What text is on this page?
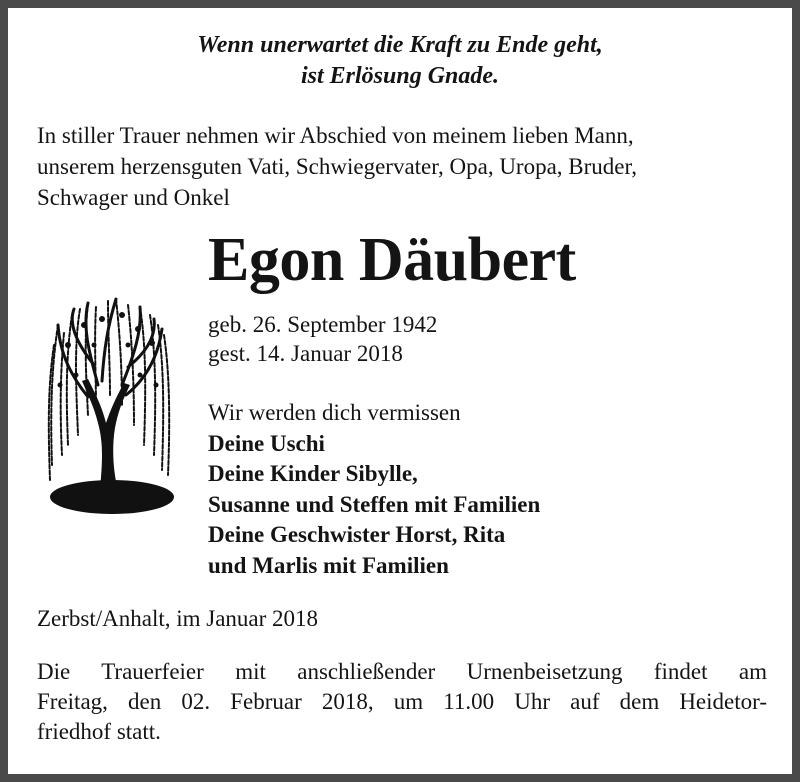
Wenn unerwartet die Kraft zu Ende geht,
ist Erlösung Gnade.
In stiller Trauer nehmen wir Abschied von meinem lieben Mann,
unserem herzensguten Vati, Schwiegervater, Opa, Uropa, Bruder,
Schwager und Onkel
Egon Däubert
geb. 26. September 1942
gest. 14. Januar 2018
Wir werden dich vermissen
Deine Uschi
Deine Kinder Sibylle,
Susanne und Steffen mit Familien
Deine Geschwister Horst, Rita
und Marlis mit Familien
Zerbst/Anhalt, im Januar 2018
Die Trauerfeier mit anschließender Urnenbeisetzung findet am
Freitag, den 02. Februar 2018, um 11.00 Uhr auf dem Heidetor-
friedhof statt.
